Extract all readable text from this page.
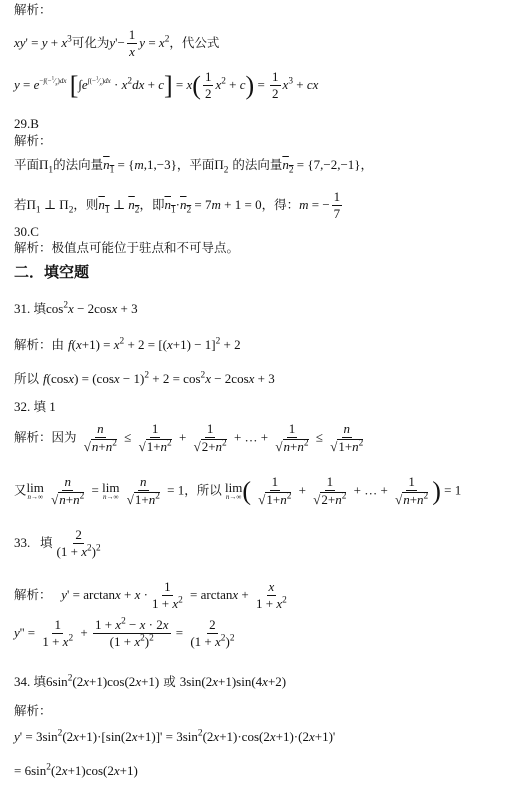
解析：
$xy' = y + x^3$可化为$y'- \frac{1}{x}$ $y = x^2$，代公式
$y = e^{-\int(-^1⁄_x)dx}$ $[\int e^{\int(-^1⁄_x)dx} \cdot x^2dx + c] = x( \frac{1}{2} x^2 + c) = \frac{1}{2} x^3$ + cx
29.B
解析：
平面$\Pi_1$的法向量$n_1 = \{m,1,-3\}$，平面$\Pi_2$ 的法向量$n_2 = \{7,-2,-1\}$，
若$\Pi_1$ ⊥ $\Pi_2$，则$n_1$ ⊥ $n_2$，即$n_1\cdot n_2 = 7m + 1 = 0$，得：m = − $\frac{1}{7}$
30.C
解析：极值点可能位于驻点和不可导点。
二．填空题
31. 填$\cos^2x - 2\cos x + 3$
解析：由 $f(x+1) = x^2 + 2 = [(x+1) - 1]^2 + 2$
所以 $f(\cos x) = (\cos x - 1)^2 + 2 = \cos^2x - 2\cos x + 3$
32. 填 1
解析：因为 $\frac{n}{√n+n^2} \le \frac{1}{√1+n^2} + \frac{1}{√2+n^2}$ + … + $\frac{1}{√n+n^2} \le \frac{n}{√1+n^2}$
又 lim
n→∞
$\frac{n}{√n+n^2} = \lim$
n→∞
$\frac{n}{√1+n^2} = 1$，所以 lim
n→∞ ( $\frac{1}{√1+n^2} + \frac{1}{√2+n^2}$ + … + $\frac{1}{√n+n^2}$ ) = 1
33.   填 $\frac{2}{(1 + x^2)^2}$
解析： $y' = \arctan x + x \cdot \frac{1}{1 + x^2} = \arctan x + \frac{x}{1 + x^2}$
$y'' = \frac{1}{1 + x^2} + \frac{1 + x^2 - x \cdot 2x}{(1 + x^2)^2} = \frac{2}{(1 + x^2)^2}$
34. 填$6\sin^2(2x+1)\cos(2x+1)$ 或 3sin(2x+1)sin(4x+2)
解析：
$y' = 3\sin^2(2x+1)\cdot[\sin(2x+1)]' = 3\sin^2(2x+1)\cdot\cos(2x+1)\cdot(2x+1)'$
= $6\sin^2(2x+1)\cos(2x+1)$
